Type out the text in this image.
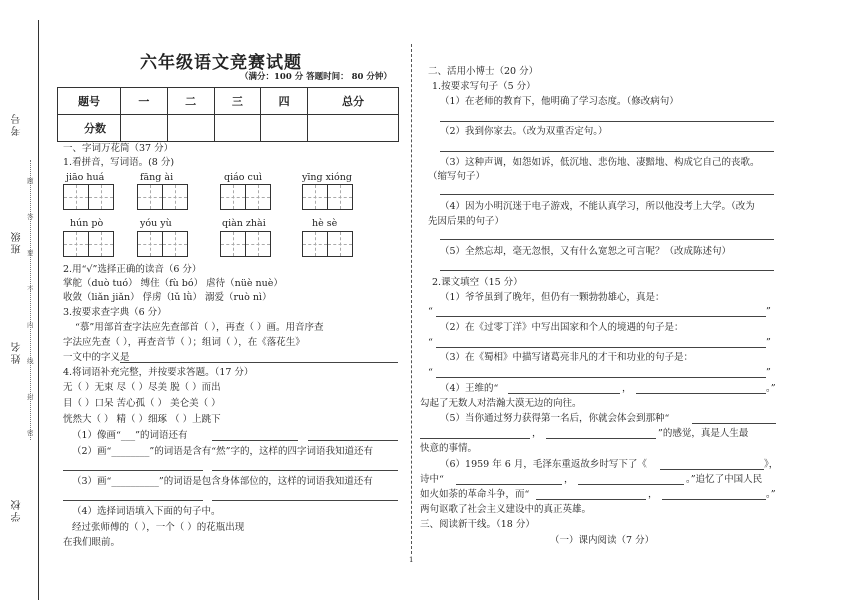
考号
班级
姓名
学校
题
答
要
不
内
线
封
密
六年级语文竞赛试题
（满分：100 分 答题时间： 80 分钟）
题号	一	二	三	四	总分
分数					
一、字词万花筒（37 分）
1.看拼音，写词语。(8 分)
jiāo huá	fāng ài	qiáo cuì	yīng xióng
hún pò	yóu yù	qiàn zhài	hè sè
2.用“√”选择正确的读音（6 分）
掌舵（duò tuó） 缚住（fù bó） 虐待（nüè nuè）
收敛（liǎn jiǎn） 俘虏（lǔ lǜ） 溺爱（ruò nì）
3.按要求查字典（6 分）
“慕”用部首查字法应先查部首（ ），再查（ ）画。用音序查
字法应先查（ ），再查音节（ ）；组词（ ），在《落花生》
一文中的字义是
4.将词语补充完整，并按要求答题。（17 分）
无（ ）无束 尽（ ）尽美 脱（ ）而出
目（ ）口呆 苦心孤（ ） 美仑美（ ）
恍然大（ ） 精（ ）细琢 （ ）上跳下
（1）像画“___”的词语还有
（2）画“________”的词语是含有“然”字的，这样的四字词语我知道还有
（3）画“__________”的词语是包含身体部位的，这样的词语我知道还有
（4）选择词语填入下面的句子中。
经过张师傅的（ ），一个（ ）的花瓶出现
在我们眼前。
二、活用小博士（20 分）
1.按要求写句子（5 分）
（1）在老师的教育下，他明确了学习态度。（修改病句）
（2）我到你家去。（改为双重否定句。）
（3）这种声调，如怨如诉，低沉地、悲伤地、凄黯地、构成它自己的丧歌。
（缩写句子）
（4）因为小明沉迷于电子游戏，不能认真学习，所以他没考上大学。（改为
先因后果的句子）
（5）全然忘却，毫无忽恨，又有什么宽恕之可言呢？（改成陈述句）
2.课文填空（15 分）
（1）爷爷虽到了晚年，但仍有一颗勃勃雄心，真是：
“	”
（2）在《过零丁洋》中写出国家和个人的境遇的句子是：
“	”
（3）在《蜀相》中描写诸葛亮非凡的才干和功业的句子是：
“	”
（4）王维的“	，	。”
勾起了无数人对浩瀚大漠无边的向往。
（5）当你通过努力获得第一名后，你就会体会到那种“
，	”的感觉，真是人生最
快意的事情。
（6）1959 年 6 月，毛泽东重返故乡时写下了《	》，
诗中“	，	。”追忆了中国人民
如火如荼的革命斗争，而“	，	。”
两句讴歌了社会主义建设中的真正英雄。
三、阅读新干线。（18 分）
（一）课内阅读（7 分）
1
